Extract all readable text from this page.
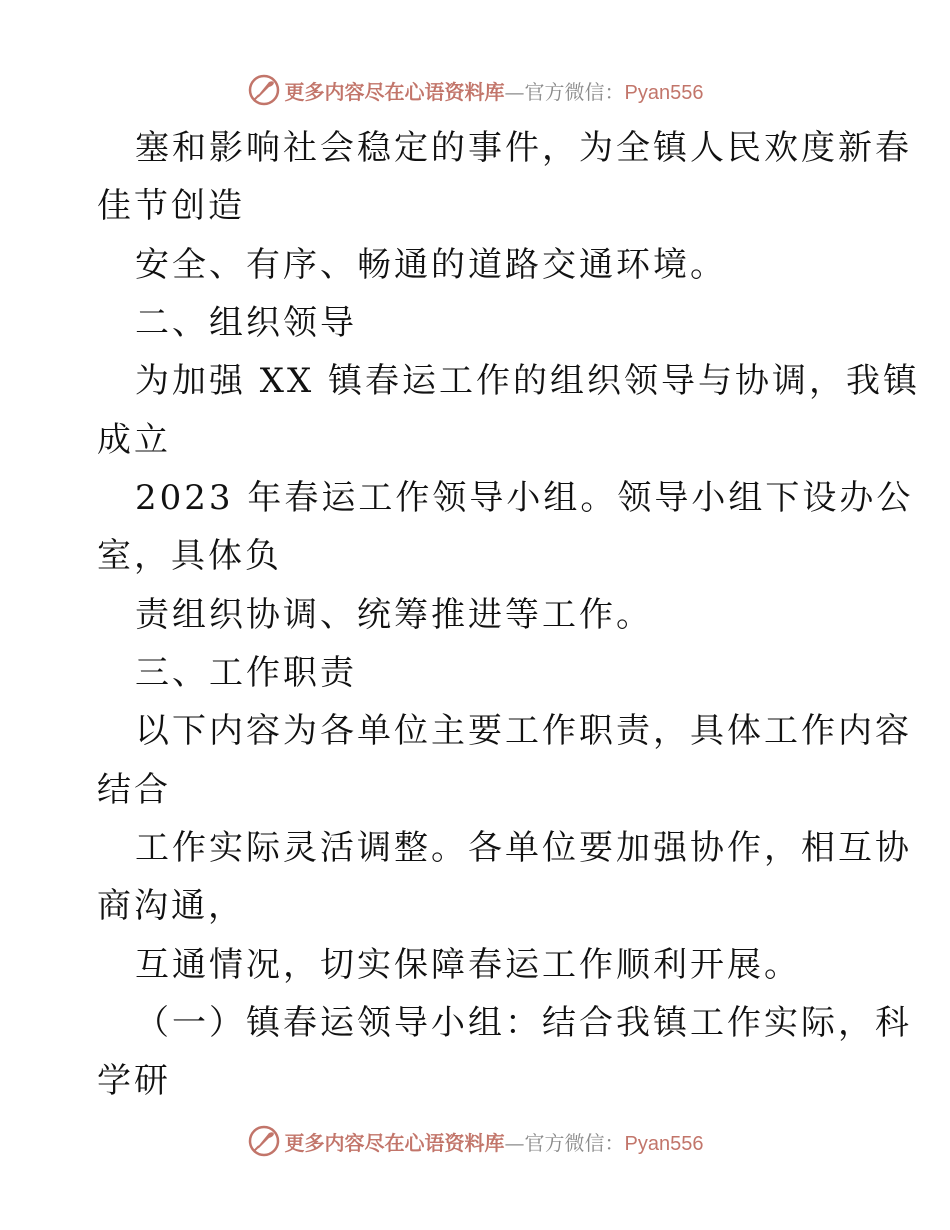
更多内容尽在心语资料库—官方微信：Pyan556
塞和影响社会稳定的事件，为全镇人民欢度新春
佳节创造
安全、有序、畅通的道路交通环境。
二、组织领导
为加强 XX 镇春运工作的组织领导与协调，我镇
成立
2023 年春运工作领导小组。领导小组下设办公
室，具体负
责组织协调、统筹推进等工作。
三、工作职责
以下内容为各单位主要工作职责，具体工作内容
结合
工作实际灵活调整。各单位要加强协作，相互协
商沟通，
互通情况，切实保障春运工作顺利开展。
（一）镇春运领导小组：结合我镇工作实际，科
学研
更多内容尽在心语资料库—官方微信：Pyan556
